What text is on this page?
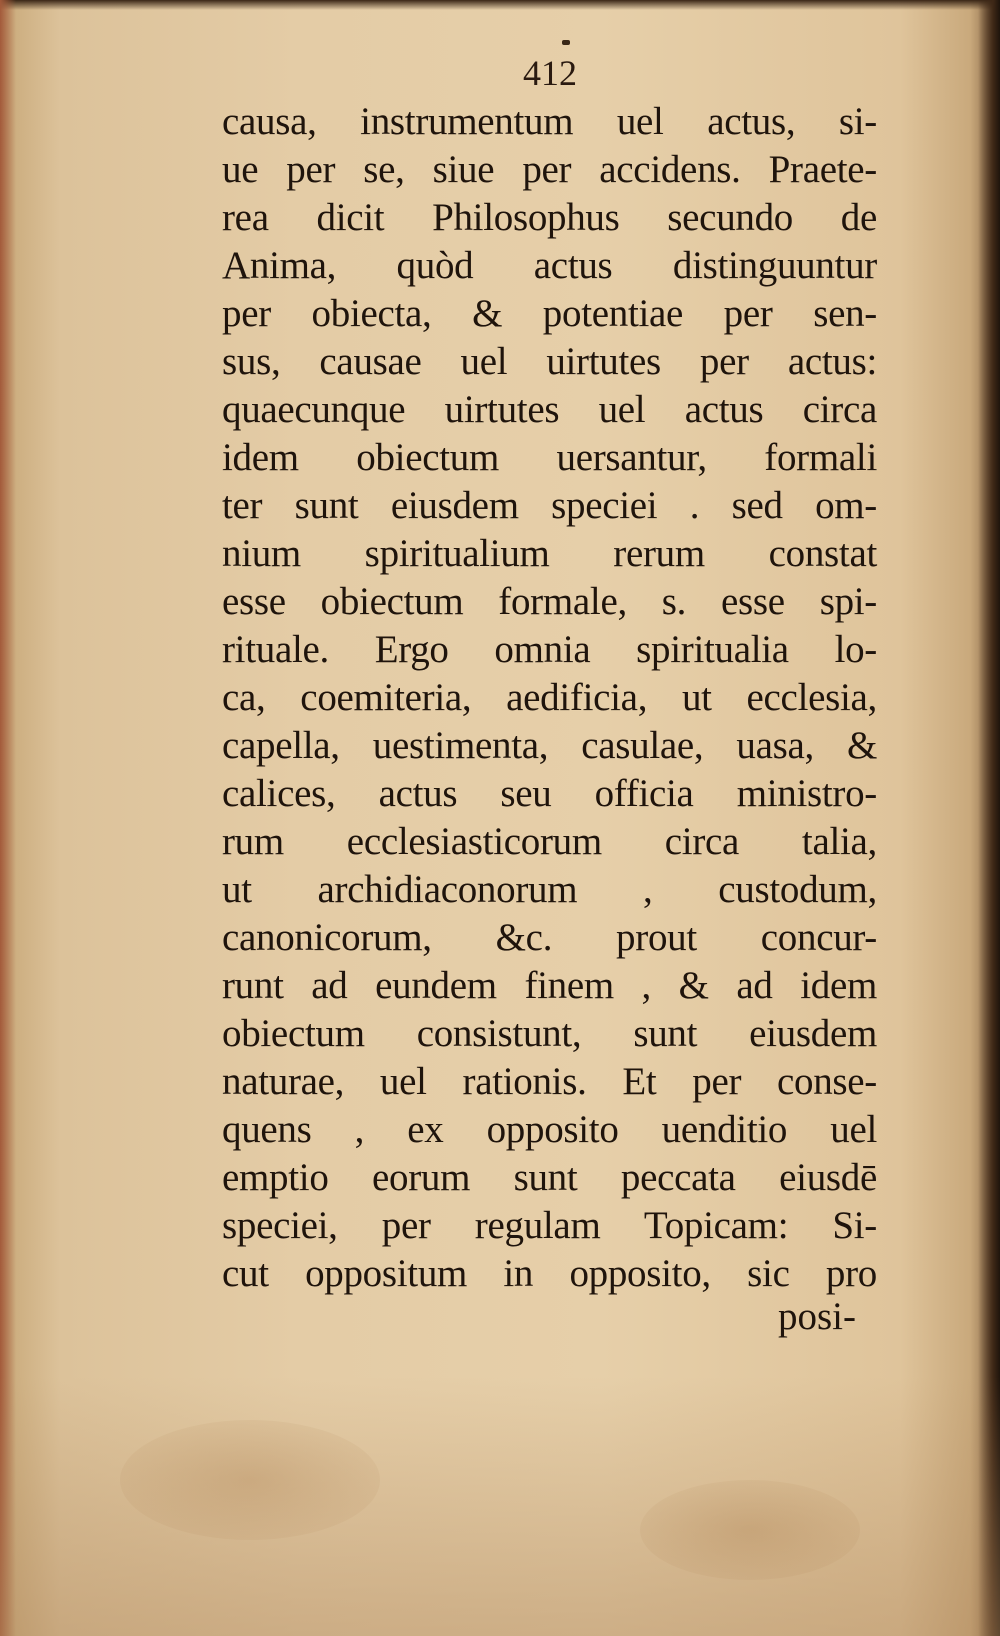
412
causa, instrumentum uel actus, si-
ue per se, siue per accidens. Praete-
rea dicit Philosophus secundo de
Anima, quòd actus distinguuntur
per obiecta, & potentiae per sen-
sus, causae uel uirtutes per actus:
quaecunque uirtutes uel actus circa
idem obiectum uersantur, formali
ter sunt eiusdem speciei . sed om-
nium spiritualium rerum constat
esse obiectum formale, s. esse spi-
rituale. Ergo omnia spiritualia lo-
ca, coemiteria, aedificia, ut ecclesia,
capella, uestimenta, casulae, uasa, &
calices, actus seu officia ministro-
rum ecclesiasticorum circa talia,
ut archidiaconorum , custodum,
canonicorum, &c. prout concur-
runt ad eundem finem , & ad idem
obiectum consistunt, sunt eiusdem
naturae, uel rationis. Et per conse-
quens , ex opposito uenditio uel
emptio eorum sunt peccata eiusdē
speciei, per regulam Topicam: Si-
cut oppositum in opposito, sic pro
posi-
